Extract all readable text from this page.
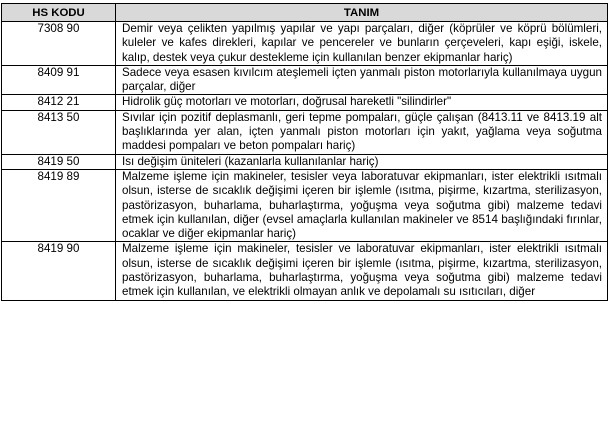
HS KODU	TANIM
7308 90	Demir veya çelikten yapılmış yapılar ve yapı parçaları, diğer (köprüler ve köprü bölümleri, kuleler ve kafes direkleri, kapılar ve pencereler ve bunların çerçeveleri, kapı eşiği, iskele, kalıp, destek veya çukur destekleme için kullanılan benzer ekipmanlar hariç)
8409 91	Sadece veya esasen kıvılcım ateşlemeli içten yanmalı piston motorlarıyla kullanılmaya uygun parçalar, diğer
8412 21	Hidrolik güç motorları ve motorları, doğrusal hareketli "silindirler"
8413 50	Sıvılar için pozitif deplasmanlı, geri tepme pompaları, güçle çalışan (8413.11 ve 8413.19 alt başlıklarında yer alan, içten yanmalı piston motorları için yakıt, yağlama veya soğutma maddesi pompaları ve beton pompaları hariç)
8419 50	Isı değişim üniteleri (kazanlarla kullanılanlar hariç)
8419 89	Malzeme işleme için makineler, tesisler veya laboratuvar ekipmanları, ister elektrikli ısıtmalı olsun, isterse de sıcaklık değişimi içeren bir işlemle (ısıtma, pişirme, kızartma, sterilizasyon, pastörizasyon, buharlama, buharlaştırma, yoğuşma veya soğutma gibi) malzeme tedavi etmek için kullanılan, diğer (evsel amaçlarla kullanılan makineler ve 8514 başlığındaki fırınlar, ocaklar ve diğer ekipmanlar hariç)
8419 90	Malzeme işleme için makineler, tesisler ve laboratuvar ekipmanları, ister elektrikli ısıtmalı olsun, isterse de sıcaklık değişimi içeren bir işlemle (ısıtma, pişirme, kızartma, sterilizasyon, pastörizasyon, buharlama, buharlaştırma, yoğuşma veya soğutma gibi) malzeme tedavi etmek için kullanılan, ve elektrikli olmayan anlık ve depolamalı su ısıtıcıları, diğer
